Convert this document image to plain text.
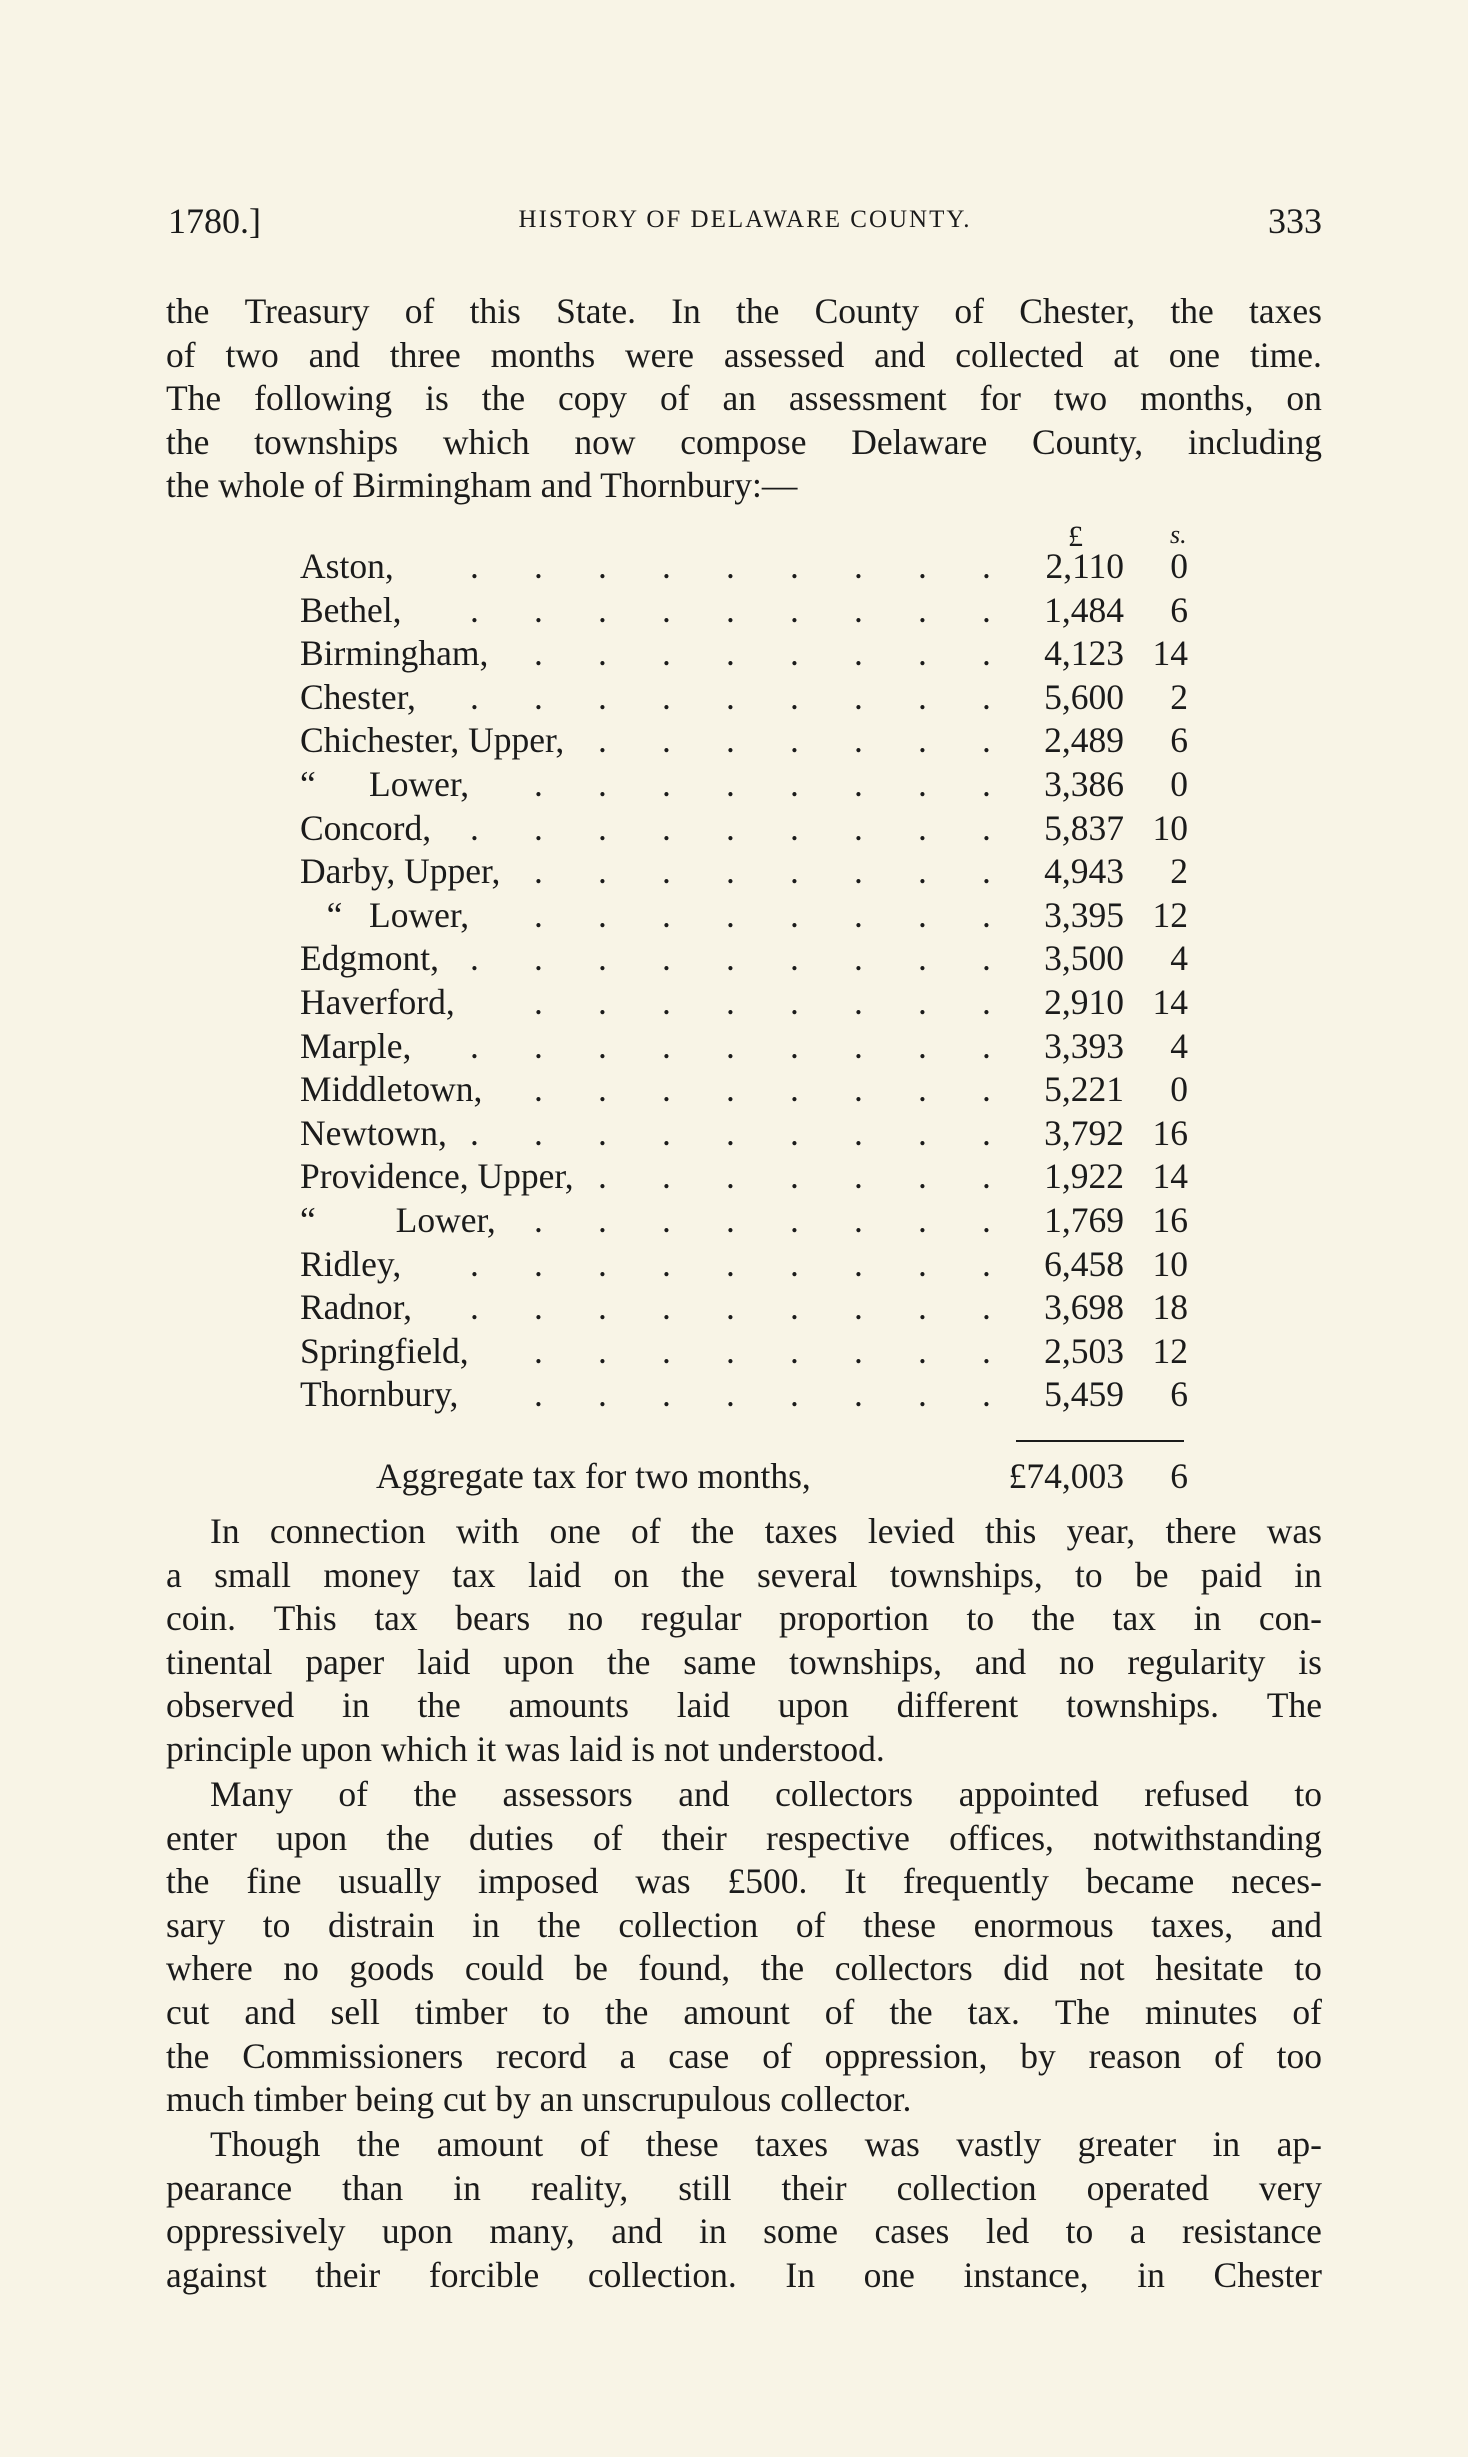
1780.]	HISTORY OF DELAWARE COUNTY.	333
the Treasury of this State. In the County of Chester, the taxes
of two and three months were assessed and collected at one time.
The following is the copy of an assessment for two months, on
the townships which now compose Delaware County, including
the whole of Birmingham and Thornbury:—
£	s.
Aston,	2,110	0
. . . . . . . . .
Bethel,	1,484	6
. . . . . . . . .
Birmingham,	4,123 14
. . . . . . . .
Chester,	5,600	2
. . . . . . . . .
Chichester, Upper,	2,489	6
. . . . . . .
“      Lower,	3,386	0
. . . . . . . .
Concord,	5,837 10
. . . . . . . . .
Darby, Upper,	4,943	2
. . . . . . . .
“   Lower,	3,395 12
. . . . . . . .
Edgmont,	3,500	4
. . . . . . . . .
Haverford,	2,910 14
. . . . . . . .
Marple,	3,393	4
. . . . . . . . .
Middletown,	5,221	0
. . . . . . . .
Newtown,	3,792 16
. . . . . . . . .
Providence, Upper,	1,922 14
. . . . . . .
“         Lower,	1,769 16
. . . . . . . .
Ridley,	6,458 10
. . . . . . . . .
Radnor,	3,698 18
. . . . . . . . .
Springfield,	2,503 12
. . . . . . . .
Thornbury,	5,459	6
. . . . . . . .
Aggregate tax for two months,	£74,003	6
In connection with one of the taxes levied this year, there was
a small money tax laid on the several townships, to be paid in
coin. This tax bears no regular proportion to the tax in con-
tinental paper laid upon the same townships, and no regularity is
observed in the amounts laid upon different townships. The
principle upon which it was laid is not understood.
Many of the assessors and collectors appointed refused to
enter upon the duties of their respective offices, notwithstanding
the fine usually imposed was £500. It frequently became neces-
sary to distrain in the collection of these enormous taxes, and
where no goods could be found, the collectors did not hesitate to
cut and sell timber to the amount of the tax. The minutes of
the Commissioners record a case of oppression, by reason of too
much timber being cut by an unscrupulous collector.
Though the amount of these taxes was vastly greater in ap-
pearance than in reality, still their collection operated very
oppressively upon many, and in some cases led to a resistance
against their forcible collection. In one instance, in Chester
